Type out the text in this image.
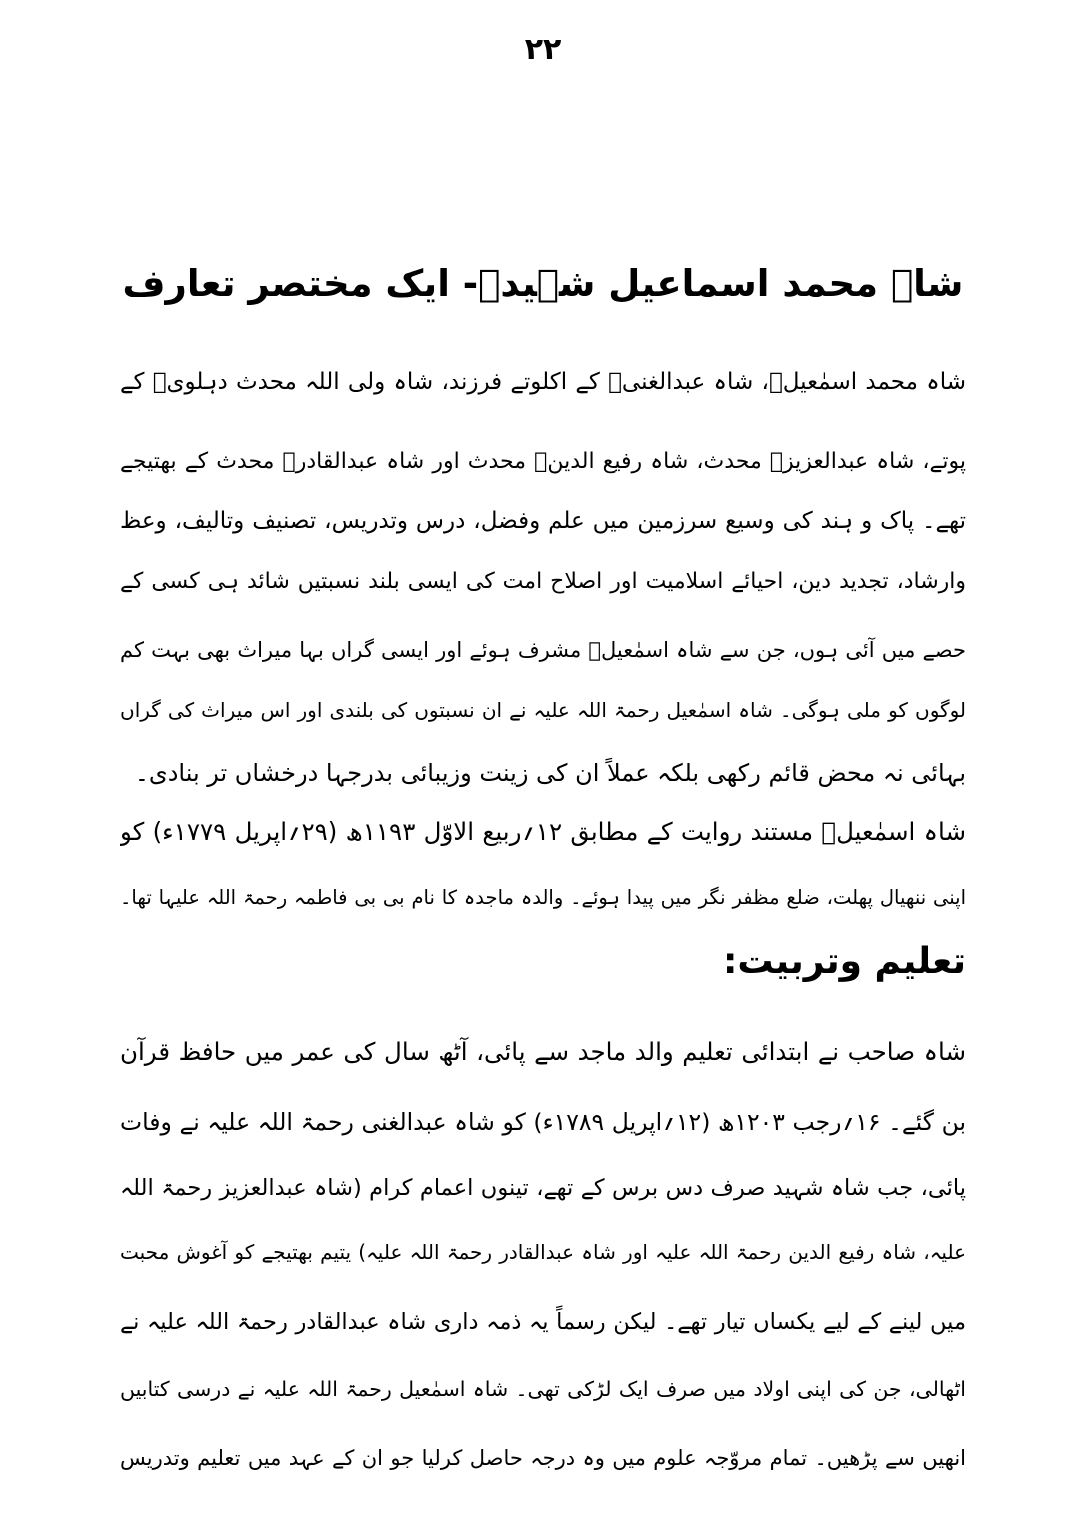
۲۲
شاہ محمد اسماعیل شہیدؒ- ایک مختصر تعارف

شاہ محمد اسمٰعیلؒ، شاہ عبدالغنیؒ کے اکلوتے فرزند، شاہ ولی اللہ محدث دہلویؒ کے

پوتے، شاہ عبدالعزیزؒ محدث، شاہ رفیع الدینؒ محدث اور شاہ عبدالقادرؒ محدث کے بھتیجے

تھے۔ پاک و ہند کی وسیع سرزمین میں علم وفضل، درس وتدریس، تصنیف وتالیف، وعظ

وارشاد، تجدید دین، احیائے اسلامیت اور اصلاح امت کی ایسی بلند نسبتیں شائد ہی کسی کے

حصے میں آئی ہوں، جن سے شاہ اسمٰعیلؒ مشرف ہوئے اور ایسی گراں بہا میراث بھی بہت کم

لوگوں کو ملی ہوگی۔ شاہ اسمٰعیل رحمۃ اللہ علیہ نے ان نسبتوں کی بلندی اور اس میراث کی گراں

بہائی نہ محض قائم رکھی بلکہ عملاً ان کی زینت وزیبائی بدرجہا درخشاں تر بنادی۔

شاہ اسمٰعیلؒ مستند روایت کے مطابق ۱۲؍ربیع الاوّل ۱۱۹۳ھ (۲۹؍اپریل ۱۷۷۹ء) کو

اپنی ننھیال پھلت، ضلع مظفر نگر میں پیدا ہوئے۔ والدہ ماجدہ کا نام بی بی فاطمہ رحمۃ اللہ علیہا تھا۔

تعلیم وتربیت:

شاہ صاحب نے ابتدائی تعلیم والد ماجد سے پائی، آٹھ سال کی عمر میں حافظ قرآن

بن گئے۔ ۱۶؍رجب ۱۲۰۳ھ (۱۲؍اپریل ۱۷۸۹ء) کو شاہ عبدالغنی رحمۃ اللہ علیہ نے وفات

پائی، جب شاہ شہید صرف دس برس کے تھے، تینوں اعمام کرام (شاہ عبدالعزیز رحمۃ اللہ

علیہ، شاہ رفیع الدین رحمۃ اللہ علیہ اور شاہ عبدالقادر رحمۃ اللہ علیہ) یتیم بھتیجے کو آغوش محبت

میں لینے کے لیے یکساں تیار تھے۔ لیکن رسماً یہ ذمہ داری شاہ عبدالقادر رحمۃ اللہ علیہ نے

اٹھالی، جن کی اپنی اولاد میں صرف ایک لڑکی تھی۔ شاہ اسمٰعیل رحمۃ اللہ علیہ نے درسی کتابیں

انھیں سے پڑھیں۔ تمام مروّجہ علوم میں وہ درجہ حاصل کرلیا جو ان کے عہد میں تعلیم وتدریس
